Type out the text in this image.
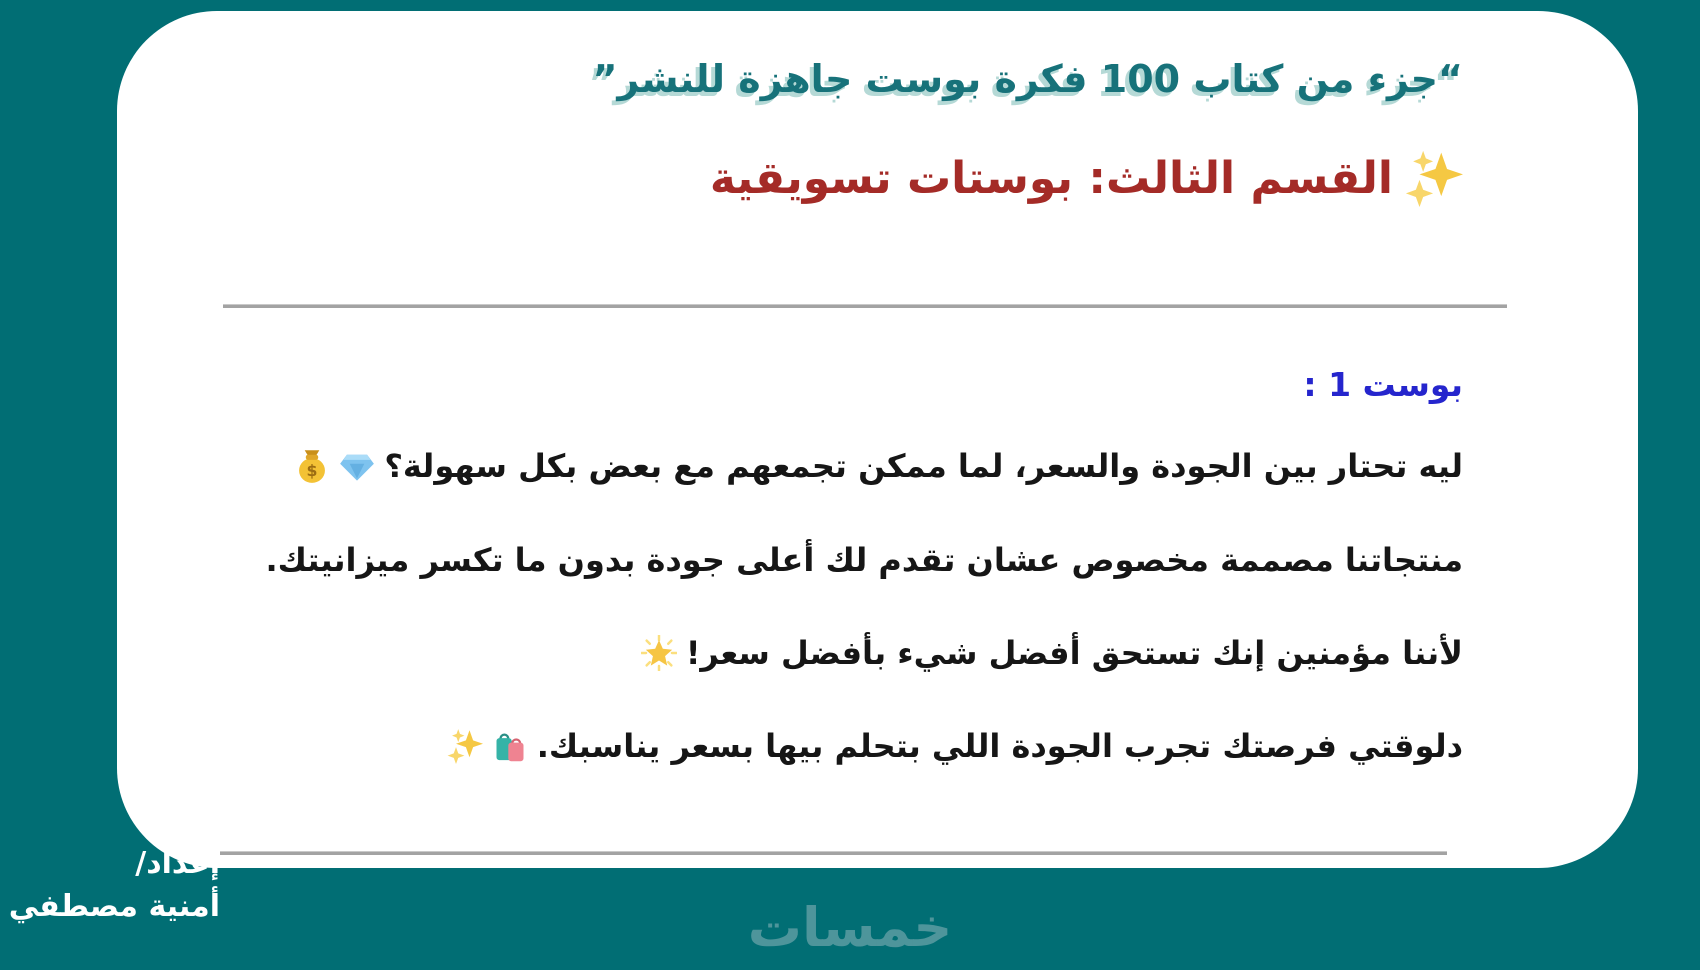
“جزء من كتاب 100 فكرة بوست جاهزة للنشر”
القسم الثالث: بوستات تسويقية
بوست 1 :
ليه تحتار بين الجودة والسعر، لما ممكن تجمعهم مع بعض بكل سهولة؟
$
منتجاتنا مصممة مخصوص عشان تقدم لك أعلى جودة بدون ما تكسر ميزانيتك.
لأننا مؤمنين إنك تستحق أفضل شيء بأفضل سعر!
دلوقتي فرصتك تجرب الجودة اللي بتحلم بيها بسعر يناسبك.
إعداد/
أمنية مصطفي	خمسات
